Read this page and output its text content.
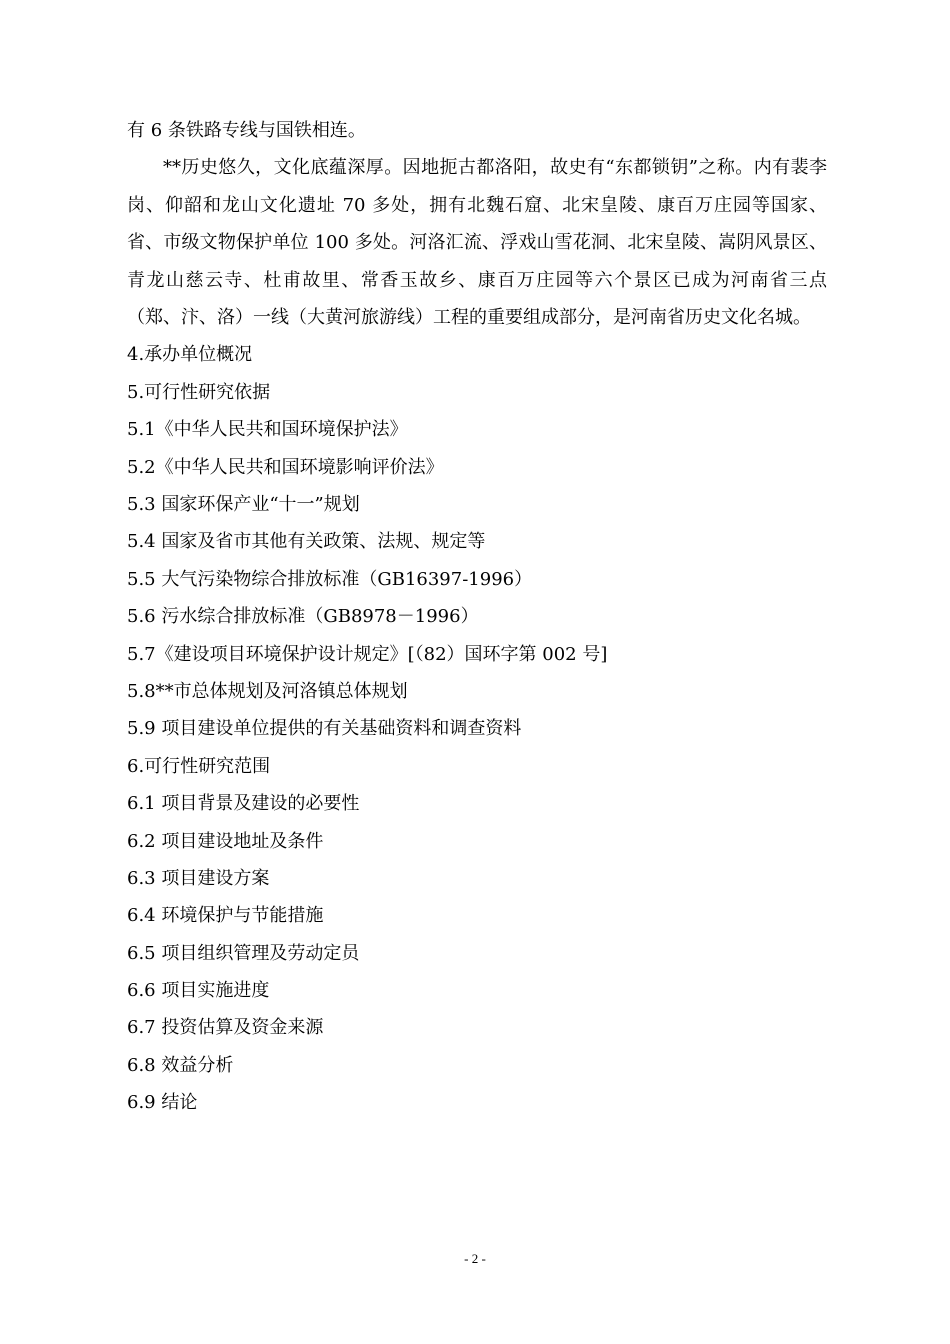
有 6 条铁路专线与国铁相连。

**历史悠久，文化底蕴深厚。因地扼古都洛阳，故史有“东都锁钥”之称。内有裴李岗、仰韶和龙山文化遗址 70 多处，拥有北魏石窟、北宋皇陵、康百万庄园等国家、省、市级文物保护单位 100 多处。河洛汇流、浮戏山雪花洞、北宋皇陵、嵩阴风景区、青龙山慈云寺、杜甫故里、常香玉故乡、康百万庄园等六个景区已成为河南省三点（郑、汴、洛）一线（大黄河旅游线）工程的重要组成部分，是河南省历史文化名城。

4.承办单位概况

5.可行性研究依据

5.1《中华人民共和国环境保护法》

5.2《中华人民共和国环境影响评价法》

5.3 国家环保产业“十一”规划

5.4 国家及省市其他有关政策、法规、规定等

5.5 大气污染物综合排放标准（GB16397-1996）

5.6 污水综合排放标准（GB8978－1996）

5.7《建设项目环境保护设计规定》[（82）国环字第 002 号]

5.8**市总体规划及河洛镇总体规划

5.9 项目建设单位提供的有关基础资料和调查资料

6.可行性研究范围

6.1 项目背景及建设的必要性

6.2 项目建设地址及条件

6.3 项目建设方案

6.4 环境保护与节能措施

6.5 项目组织管理及劳动定员

6.6 项目实施进度

6.7 投资估算及资金来源

6.8 效益分析

6.9 结论

- 2 -
